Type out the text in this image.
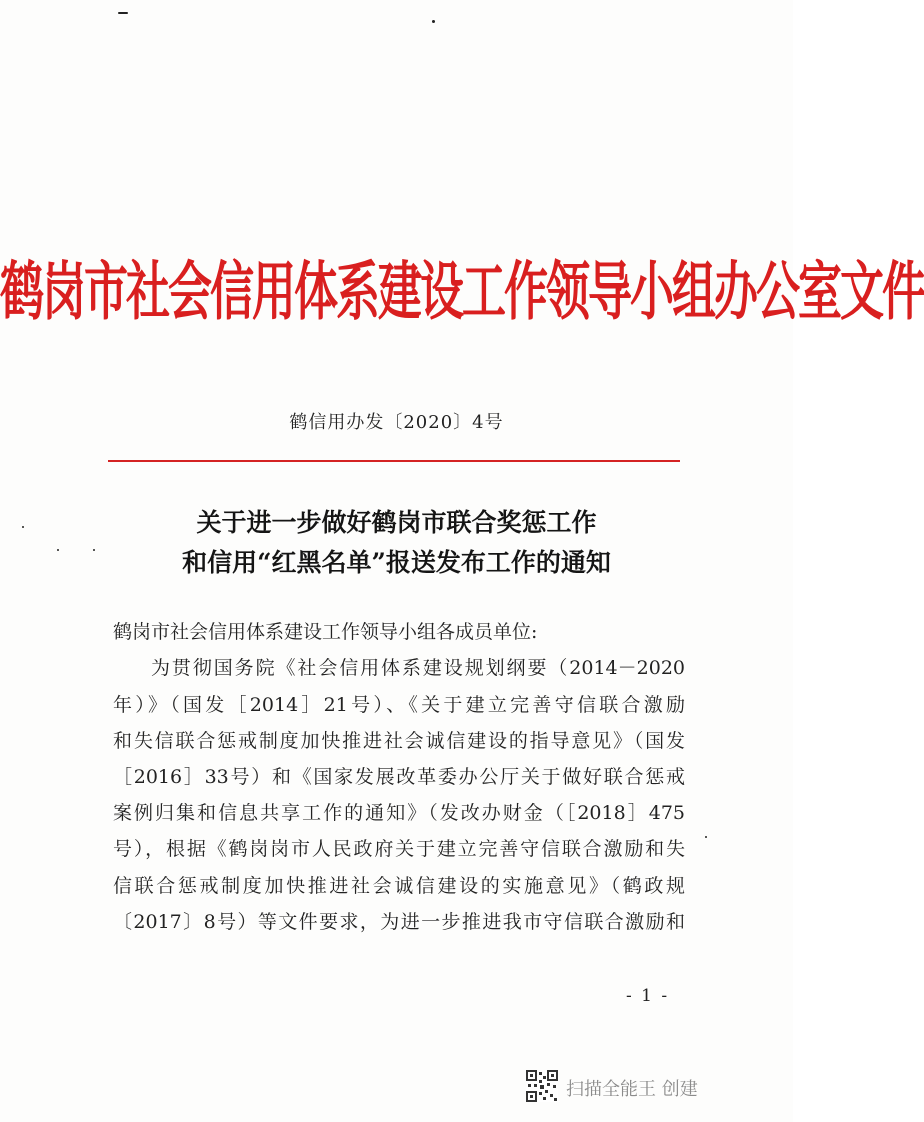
鹤岗市社会信用体系建设工作领导小组办公室文件
鹤信用办发〔2020〕4号
关于进一步做好鹤岗市联合奖惩工作
和信用“红黑名单”报送发布工作的通知
鹤岗市社会信用体系建设工作领导小组各成员单位:
为贯彻国务院《社会信用体系建设规划纲要（2014－2020
年）》（国发［2014］21号）、《关于建立完善守信联合激励
和失信联合惩戒制度加快推进社会诚信建设的指导意见》（国发
［2016］33号）和《国家发展改革委办公厅关于做好联合惩戒
案例归集和信息共享工作的通知》（发改办财金（［2018］475
号），根据《鹤岗岗市人民政府关于建立完善守信联合激励和失
信联合惩戒制度加快推进社会诚信建设的实施意见》（鹤政规
〔2017〕8号）等文件要求，为进一步推进我市守信联合激励和
- 1 -
扫描全能王 创建
